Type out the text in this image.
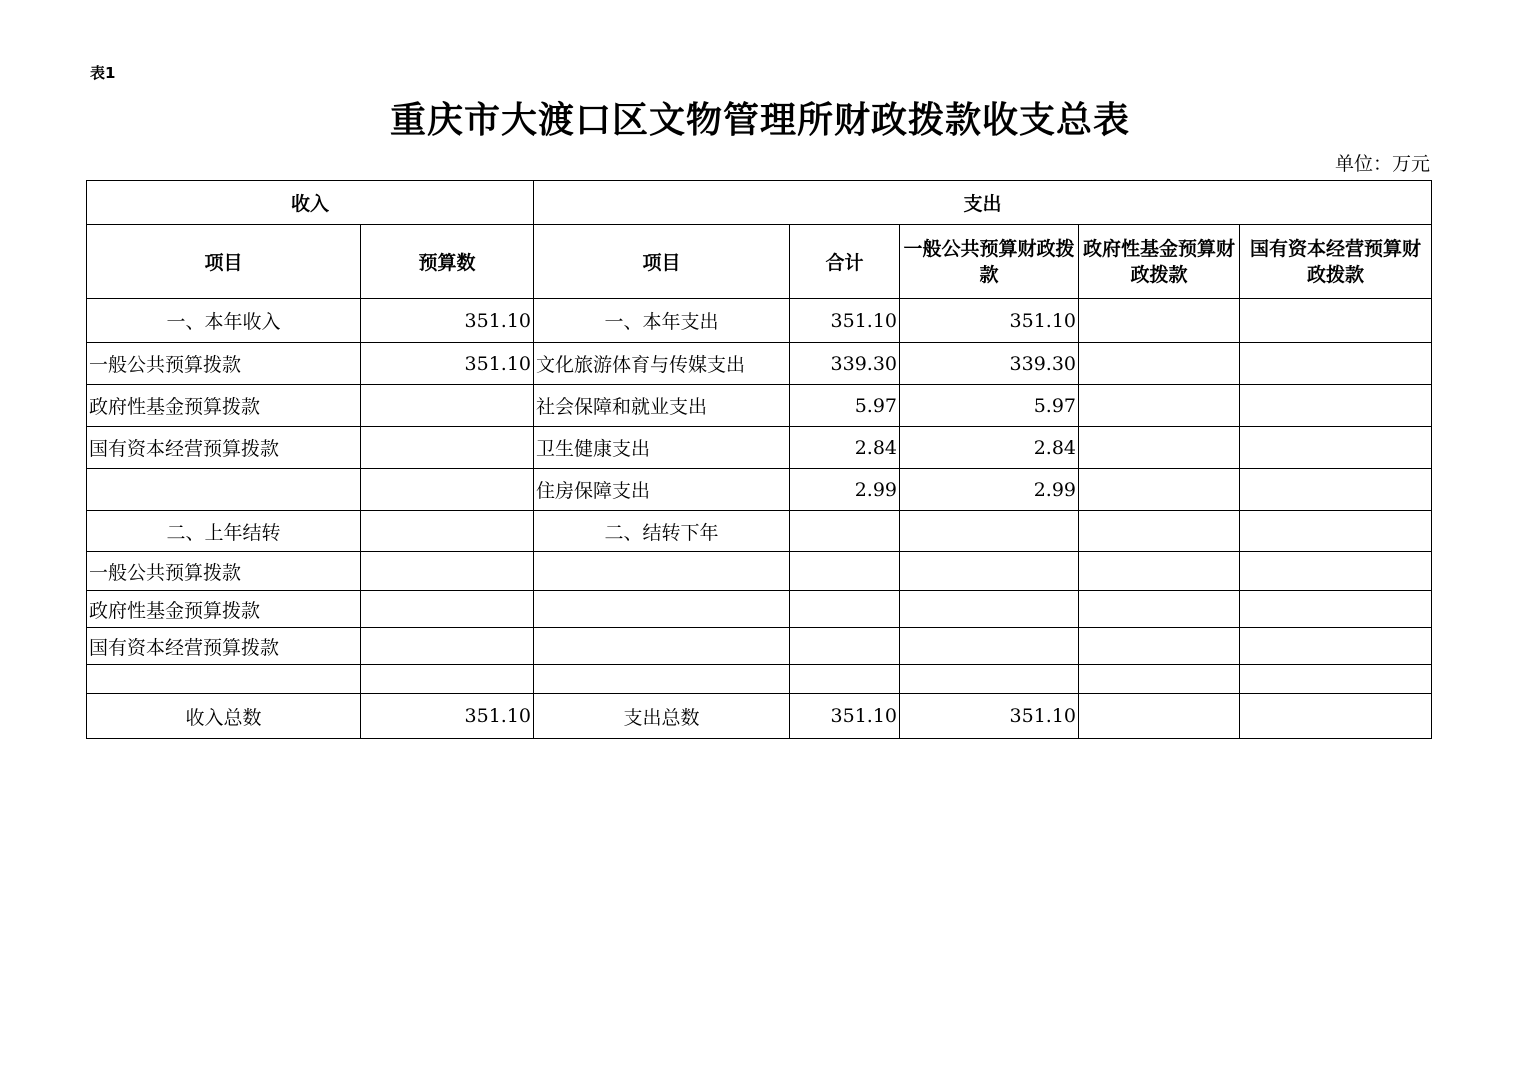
表1
重庆市大渡口区文物管理所财政拨款收支总表
单位：万元
收入		支出				
项目	预算数	项目	合计	一般公共预算财政拨款	政府性基金预算财政拨款	国有资本经营预算财政拨款
一、本年收入	351.10	一、本年支出	351.10	351.10		
一般公共预算拨款	351.10	文化旅游体育与传媒支出	339.30	339.30		
政府性基金预算拨款		社会保障和就业支出	5.97	5.97		
国有资本经营预算拨款		卫生健康支出	2.84	2.84		
		住房保障支出	2.99	2.99		
二、上年结转		二、结转下年				
一般公共预算拨款						
政府性基金预算拨款						
国有资本经营预算拨款						

收入总数	351.10	支出总数	351.10	351.10		
